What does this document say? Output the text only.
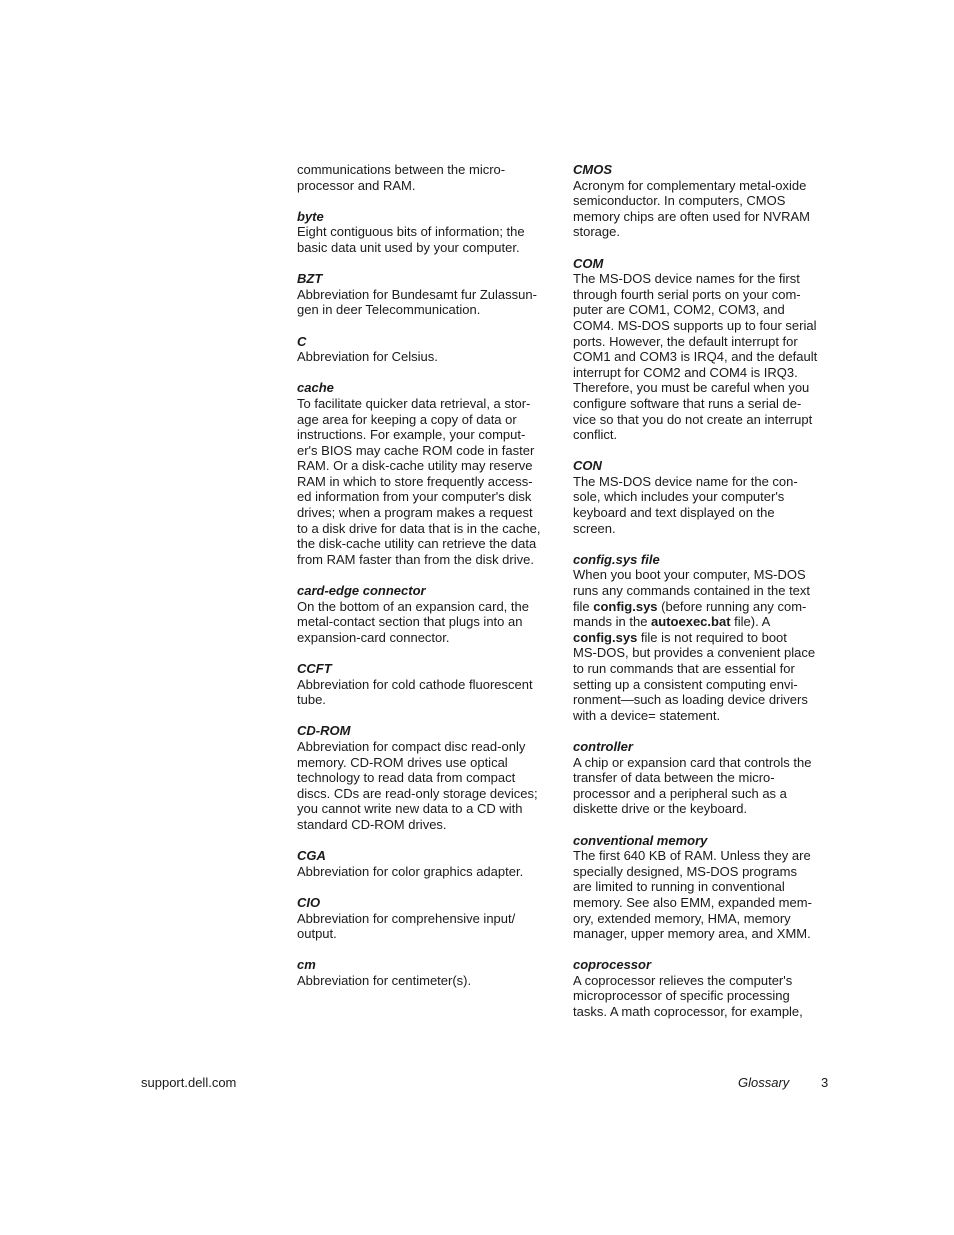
communications between the micro-
processor and RAM.
byte
Eight contiguous bits of information; the
basic data unit used by your computer.
BZT
Abbreviation for Bundesamt fur Zulassun-
gen in deer Telecommunication.
C
Abbreviation for Celsius.
cache
To facilitate quicker data retrieval, a stor-
age area for keeping a copy of data or
instructions. For example, your comput-
er's BIOS may cache ROM code in faster
RAM. Or a disk-cache utility may reserve
RAM in which to store frequently access-
ed information from your computer's disk
drives; when a program makes a request
to a disk drive for data that is in the cache,
the disk-cache utility can retrieve the data
from RAM faster than from the disk drive.
card-edge connector
On the bottom of an expansion card, the
metal-contact section that plugs into an
expansion-card connector.
CCFT
Abbreviation for cold cathode fluorescent
tube.
CD-ROM
Abbreviation for compact disc read-only
memory. CD-ROM drives use optical
technology to read data from compact
discs. CDs are read-only storage devices;
you cannot write new data to a CD with
standard CD-ROM drives.
CGA
Abbreviation for color graphics adapter.
CIO
Abbreviation for comprehensive input/
output.
cm
Abbreviation for centimeter(s).
CMOS
Acronym for complementary metal-oxide
semiconductor. In computers, CMOS
memory chips are often used for NVRAM
storage.
COM
The MS-DOS device names for the first
through fourth serial ports on your com-
puter are COM1, COM2, COM3, and
COM4. MS-DOS supports up to four serial
ports. However, the default interrupt for
COM1 and COM3 is IRQ4, and the default
interrupt for COM2 and COM4 is IRQ3.
Therefore, you must be careful when you
configure software that runs a serial de-
vice so that you do not create an interrupt
conflict.
CON
The MS-DOS device name for the con-
sole, which includes your computer's
keyboard and text displayed on the
screen.
config.sys file
When you boot your computer, MS-DOS
runs any commands contained in the text
file config.sys (before running any com-
mands in the autoexec.bat file). A
config.sys file is not required to boot
MS-DOS, but provides a convenient place
to run commands that are essential for
setting up a consistent computing envi-
ronment—such as loading device drivers
with a device= statement.
controller
A chip or expansion card that controls the
transfer of data between the micro-
processor and a peripheral such as a
diskette drive or the keyboard.
conventional memory
The first 640 KB of RAM. Unless they are
specially designed, MS-DOS programs
are limited to running in conventional
memory. See also EMM, expanded mem-
ory, extended memory, HMA, memory
manager, upper memory area, and XMM.
coprocessor
A coprocessor relieves the computer's
microprocessor of specific processing
tasks. A math coprocessor, for example,
support.dell.com	Glossary 3
